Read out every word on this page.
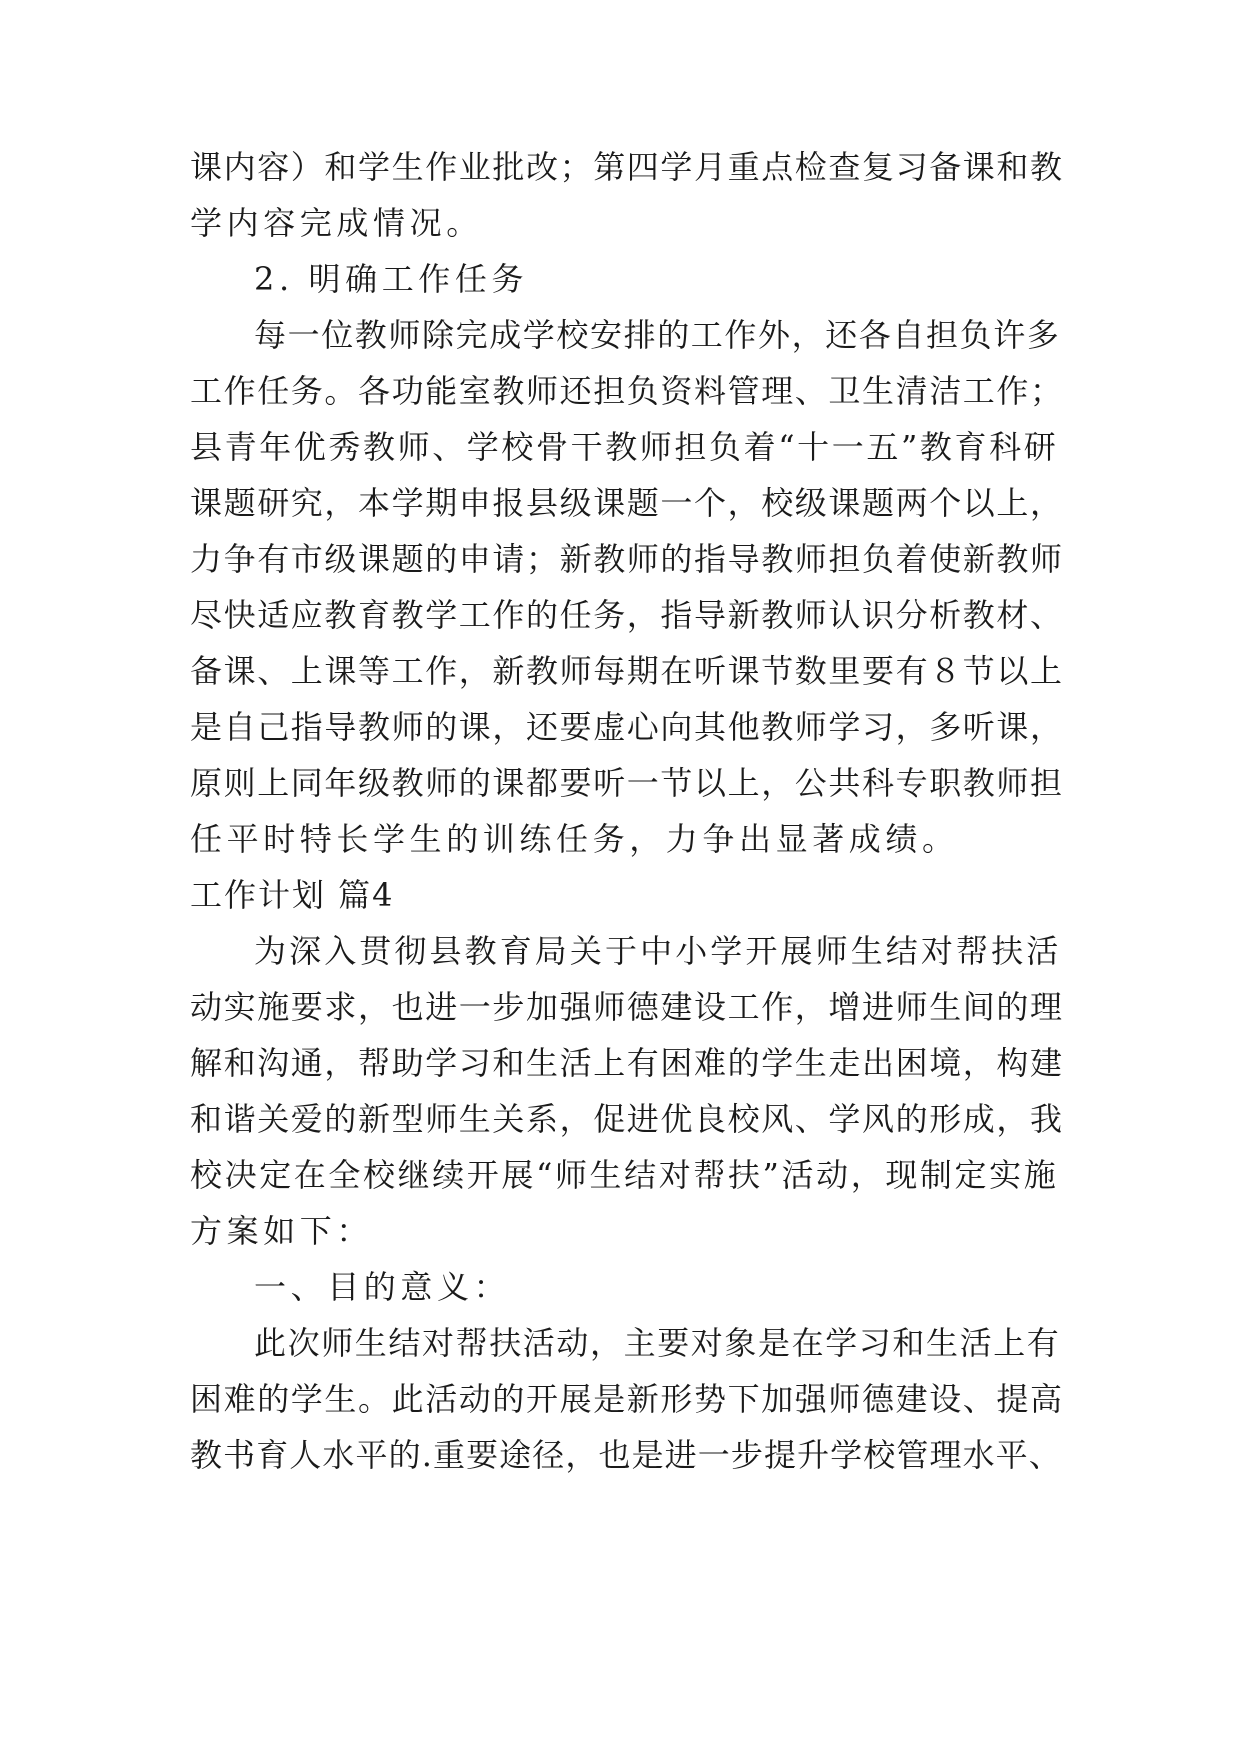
课内容）和学生作业批改；第四学月重点检查复习备课和教
学内容完成情况。
2. 明确工作任务
每一位教师除完成学校安排的工作外，还各自担负许多
工作任务。各功能室教师还担负资料管理、卫生清洁工作；
县青年优秀教师、学校骨干教师担负着“十一五”教育科研
课题研究，本学期申报县级课题一个，校级课题两个以上，
力争有市级课题的申请；新教师的指导教师担负着使新教师
尽快适应教育教学工作的任务，指导新教师认识分析教材、
备课、上课等工作，新教师每期在听课节数里要有８节以上
是自己指导教师的课，还要虚心向其他教师学习，多听课，
原则上同年级教师的课都要听一节以上，公共科专职教师担
任平时特长学生的训练任务，力争出显著成绩。
工作计划 篇4
为深入贯彻县教育局关于中小学开展师生结对帮扶活
动实施要求，也进一步加强师德建设工作，增进师生间的理
解和沟通，帮助学习和生活上有困难的学生走出困境，构建
和谐关爱的新型师生关系，促进优良校风、学风的形成，我
校决定在全校继续开展“师生结对帮扶”活动，现制定实施
方案如下：
一、目的意义：
此次师生结对帮扶活动，主要对象是在学习和生活上有
困难的学生。此活动的开展是新形势下加强师德建设、提高
教书育人水平的.重要途径，也是进一步提升学校管理水平、
